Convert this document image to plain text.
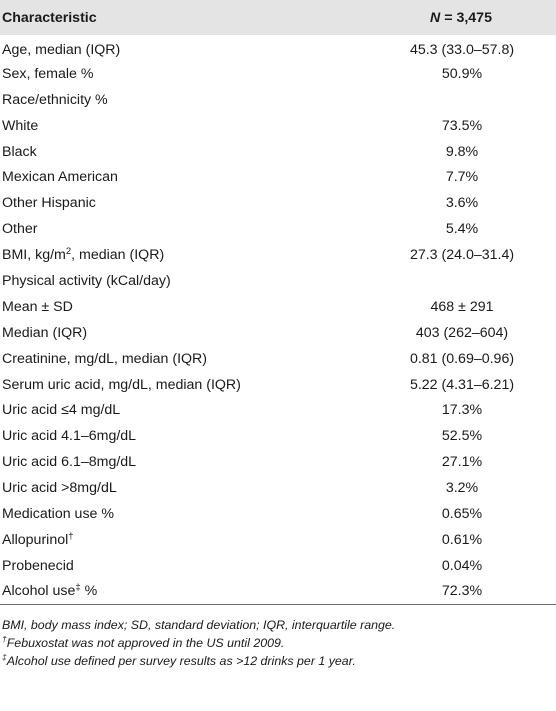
Characteristic	N = 3,475
Age, median (IQR)	45.3 (33.0–57.8)
Sex, female %	50.9%
Race/ethnicity %	
White	73.5%
Black	9.8%
Mexican American	7.7%
Other Hispanic	3.6%
Other	5.4%
BMI, $kg/m^2$, median (IQR)	27.3 (24.0–31.4)
Physical activity (kCal/day)	
Mean ± SD	468 ± 291
Median (IQR)	403 (262–604)
Creatinine, mg/dL, median (IQR)	0.81 (0.69–0.96)
Serum uric acid, mg/dL, median (IQR)	5.22 (4.31–6.21)
Uric acid ≤4 mg/dL	17.3%
Uric acid 4.1–6mg/dL	52.5%
Uric acid 6.1–8mg/dL	27.1%
Uric acid >8mg/dL	3.2%
Medication use %	0.65%
Allopurinol†	0.61%
Probenecid	0.04%
Alcohol use‡ %	72.3%
BMI, body mass index; SD, standard deviation; IQR, interquartile range.
†Febuxostat was not approved in the US until 2009.
‡Alcohol use defined per survey results as >12 drinks per 1 year.
